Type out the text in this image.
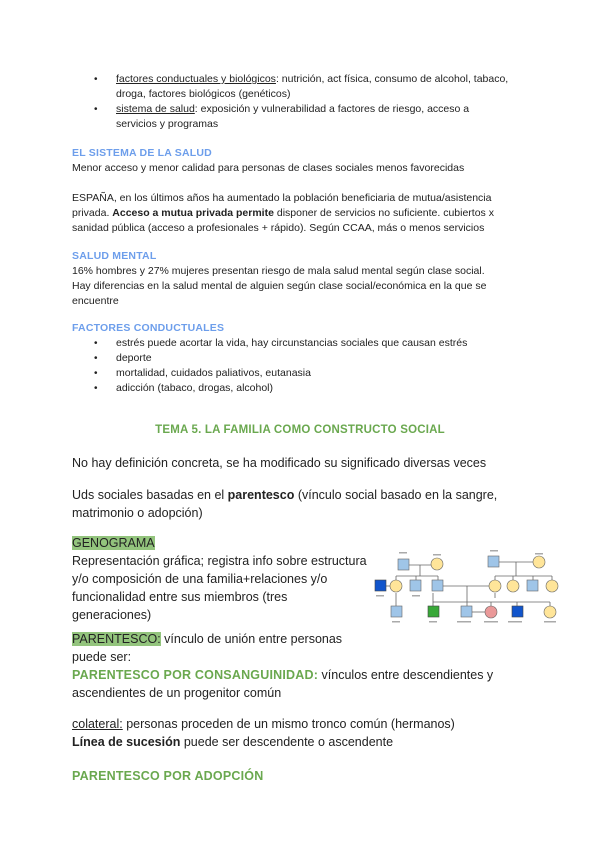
• factores conductuales y biológicos: nutrición, act física, consumo de alcohol, tabaco,
droga, factores biológicos (genéticos)
• sistema de salud: exposición y vulnerabilidad a factores de riesgo, acceso a
servicios y programas

EL SISTEMA DE LA SALUD

Menor acceso y menor calidad para personas de clases sociales menos favorecidas

ESPAÑA, en los últimos años ha aumentado la población beneficiaria de mutua/asistencia
privada. Acceso a mutua privada permite disponer de servicios no suficiente. cubiertos x
sanidad pública (acceso a profesionales + rápido). Según CCAA, más o menos servicios

SALUD MENTAL

16% hombres y 27% mujeres presentan riesgo de mala salud mental según clase social.
Hay diferencias en la salud mental de alguien según clase social/económica en la que se
encuentre

FACTORES CONDUCTUALES

• estrés puede acortar la vida, hay circunstancias sociales que causan estrés
• deporte
• mortalidad, cuidados paliativos, eutanasia
• adicción (tabaco, drogas, alcohol)
TEMA 5. LA FAMILIA COMO CONSTRUCTO SOCIAL

No hay definición concreta, se ha modificado su significado diversas veces

Uds sociales basadas en el parentesco (vínculo social basado en la sangre,
matrimonio o adopción)

GENOGRAMA

Representación gráfica; registra info sobre estructura
y/o composición de una familia+relaciones y/o
funcionalidad entre sus miembros (tres
generaciones)

PARENTESCO: vínculo de unión entre personas
puede ser:
PARENTESCO POR CONSANGUINIDAD: vínculos entre descendientes y
ascendientes de un progenitor común

colateral: personas proceden de un mismo tronco común (hermanos)
Línea de sucesión puede ser descendente o ascendente

PARENTESCO POR ADOPCIÓN
